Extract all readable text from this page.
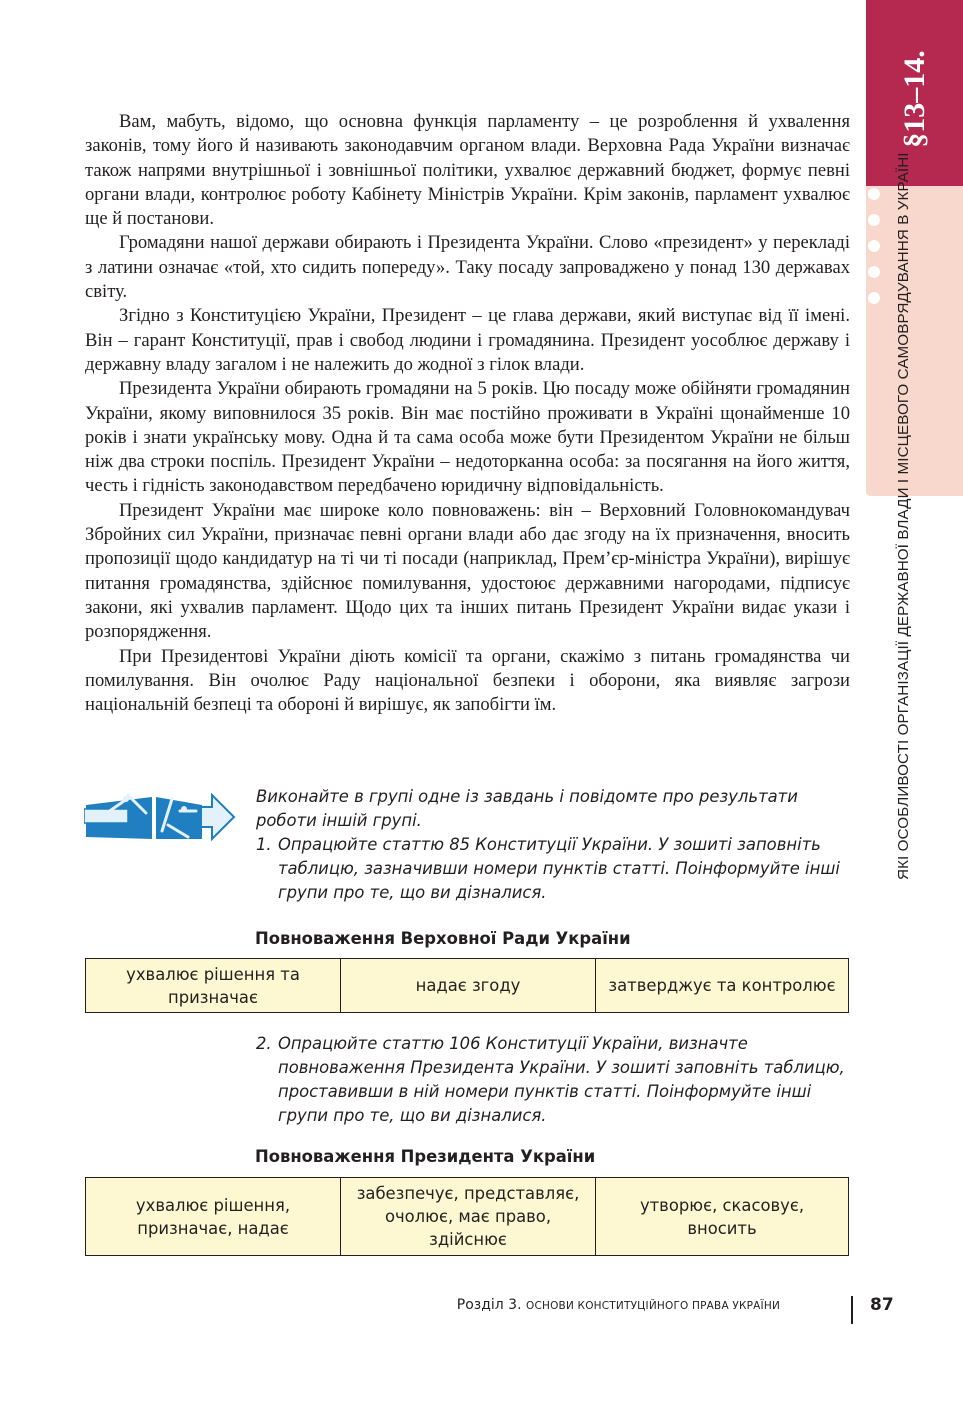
§13–14.
ЯКІ ОСОБЛИВОСТІ ОРГАНІЗАЦІЇ ДЕРЖАВНОЇ ВЛАДИ І МІСЦЕВОГО САМОВРЯДУВАННЯ В УКРАЇНІ

Вам, мабуть, відомо, що основна функція парламенту – це розроблення й ухвалення законів, тому його й називають законодавчим органом влади. Верховна Рада України визначає також напрями внутрішньої і зовнішньої політики, ухвалює державний бюджет, формує певні органи влади, контролює роботу Кабінету Міністрів України. Крім законів, парламент ухвалює ще й постанови.

Громадяни нашої держави обирають і Президента України. Слово «президент» у перекладі з латини означає «той, хто сидить попереду». Таку посаду запроваджено у понад 130 державах світу.

Згідно з Конституцією України, Президент – це глава держави, який виступає від її імені. Він – гарант Конституції, прав і свобод людини і громадянина. Президент уособлює державу і державну владу загалом і не належить до жодної з гілок влади.

Президента України обирають громадяни на 5 років. Цю посаду може обійняти громадянин України, якому виповнилося 35 років. Він має постійно проживати в Україні щонайменше 10 років і знати українську мову. Одна й та сама особа може бути Президентом України не більш ніж два строки поспіль. Президент України – недоторканна особа: за посягання на його життя, честь і гідність законодавством передбачено юридичну відповідальність.

Президент України має широке коло повноважень: він – Верховний Головнокомандувач Збройних сил України, призначає певні органи влади або дає згоду на їх призначення, вносить пропозиції щодо кандидатур на ті чи ті посади (наприклад, Прем’єр-міністра України), вирішує питання громадянства, здійснює помилування, удостоює державними нагородами, підписує закони, які ухвалив парламент. Щодо цих та інших питань Президент України видає укази і розпорядження.

При Президентові України діють комісії та органи, скажімо з питань громадянства чи помилування. Він очолює Раду національної безпеки і оборони, яка виявляє загрози національній безпеці та обороні й вирішує, як запобігти їм.

Виконайте в групі одне із завдань і повідомте про результати роботи іншій групі.

1. Опрацюйте статтю 85 Конституції України. У зошиті заповніть таблицю, зазначивши номери пунктів статті. Поінформуйте інші групи про те, що ви дізналися.
Повноваження Верховної Ради України
ухвалює рішення та призначає	надає згоду	затверджує та контролює
2. Опрацюйте статтю 106 Конституції України, визначте повноваження Президента України. У зошиті заповніть таблицю, проставивши в ній номери пунктів статті. Поінформуйте інші групи про те, що ви дізналися.
Повноваження Президента України
ухвалює рішення, призначає, надає	забезпечує, представляє, очолює, має право, здійснює	утворює, скасовує, вносить
Розділ 3. ОСНОВИ КОНСТИТУЦІЙНОГО ПРАВА УКРАЇНИ	87
